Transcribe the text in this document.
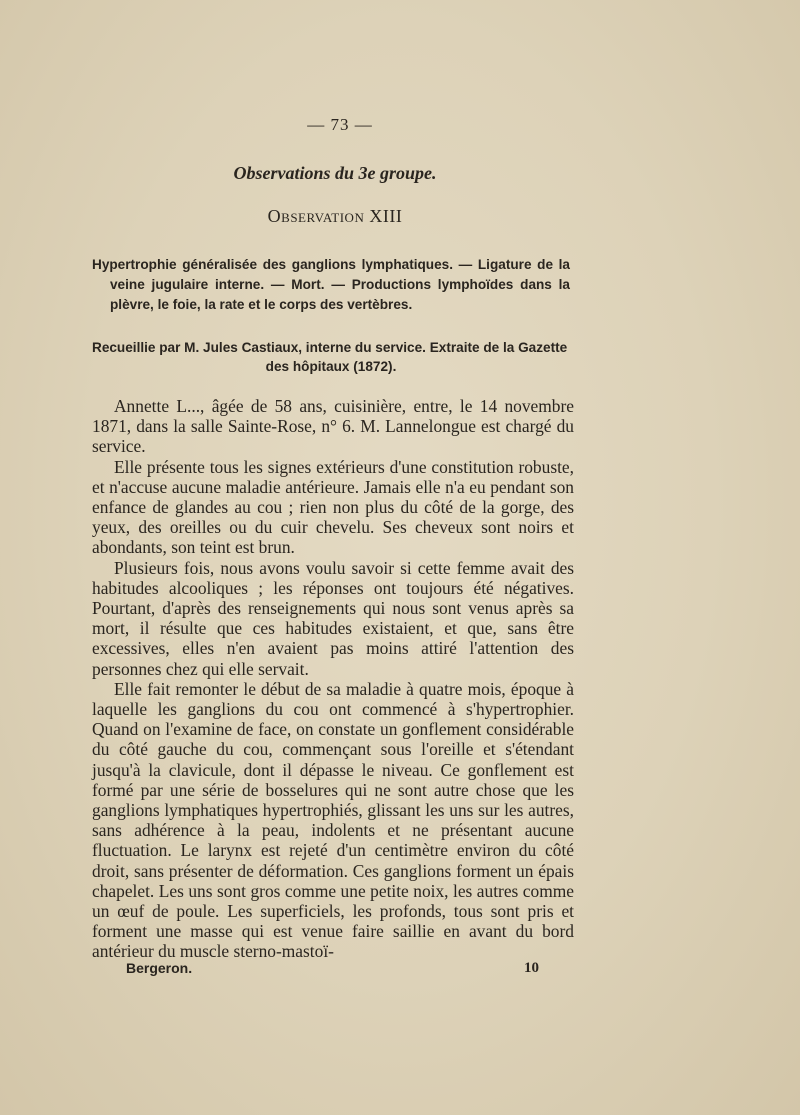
— 73 —
Observations du 3e groupe.
Observation XIII
Hypertrophie généralisée des ganglions lymphatiques. — Ligature de la veine jugulaire interne. — Mort. — Productions lymphoïdes dans la plèvre, le foie, la rate et le corps des vertèbres.
Recueillie par M. Jules Castiaux, interne du service. Extraite de la Gazette
des hôpitaux (1872).

Annette L..., âgée de 58 ans, cuisinière, entre, le 14 novembre 1871, dans la salle Sainte-Rose, n° 6. M. Lannelongue est chargé du service.

Elle présente tous les signes extérieurs d'une constitution robuste, et n'accuse aucune maladie antérieure. Jamais elle n'a eu pendant son enfance de glandes au cou ; rien non plus du côté de la gorge, des yeux, des oreilles ou du cuir chevelu. Ses cheveux sont noirs et abondants, son teint est brun.

Plusieurs fois, nous avons voulu savoir si cette femme avait des habitudes alcooliques ; les réponses ont toujours été négatives. Pourtant, d'après des renseignements qui nous sont venus après sa mort, il résulte que ces habitudes existaient, et que, sans être excessives, elles n'en avaient pas moins attiré l'attention des personnes chez qui elle servait.

Elle fait remonter le début de sa maladie à quatre mois, époque à laquelle les ganglions du cou ont commencé à s'hypertrophier. Quand on l'examine de face, on constate un gonflement considérable du côté gauche du cou, commençant sous l'oreille et s'étendant jusqu'à la clavicule, dont il dépasse le niveau. Ce gonflement est formé par une série de bosselures qui ne sont autre chose que les ganglions lymphatiques hypertrophiés, glissant les uns sur les autres, sans adhérence à la peau, indolents et ne présentant aucune fluctuation. Le larynx est rejeté d'un centimètre environ du côté droit, sans présenter de déformation. Ces ganglions forment un épais chapelet. Les uns sont gros comme une petite noix, les autres comme un œuf de poule. Les superficiels, les profonds, tous sont pris et forment une masse qui est venue faire saillie en avant du bord antérieur du muscle sterno-mastoï-

Bergeron.	10
